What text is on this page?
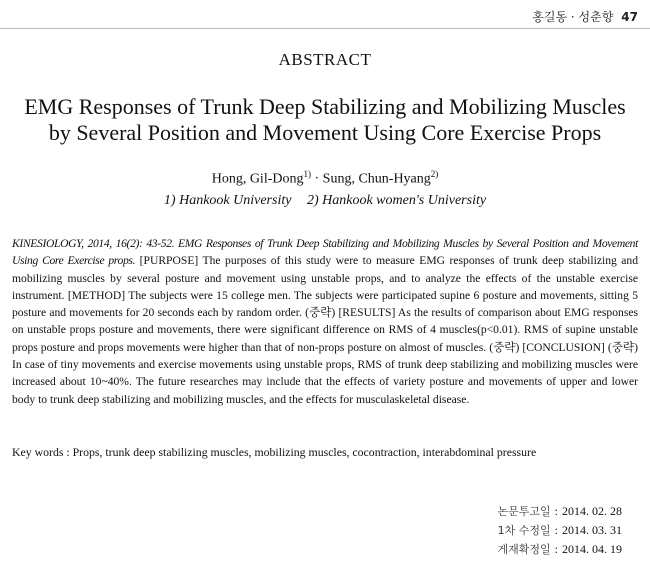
홍길동 · 성춘향 47
ABSTRACT
EMG Responses of Trunk Deep Stabilizing and Mobilizing Muscles
by Several Position and Movement Using Core Exercise Props
Hong, Gil-Dong$^{1)}$ · Sung, Chun-Hyang$^{2)}$
1) Hankook University 2) Hankook women's University
KINESIOLOGY, 2014, 16(2): 43-52. EMG Responses of Trunk Deep Stabilizing and Mobilizing Muscles by Several Position and Movement Using Core Exercise props. [PURPOSE] The purposes of this study were to measure EMG responses of trunk deep stabilizing and mobilizing muscles by several posture and movement using unstable props, and to analyze the effects of the unstable exercise instrument. [METHOD] The subjects were 15 college men. The subjects were participated supine 6 posture and movements, sitting 5 posture and movements for 20 seconds each by random order. (중략) [RESULTS] As the results of comparison about EMG responses on unstable props posture and movements, there were significant difference on RMS of 4 muscles(p<0.01). RMS of supine unstable props posture and props movements were higher than that of non-props posture on almost of muscles. (중략) [CONCLUSION] (중략) In case of tiny movements and exercise movements using unstable props, RMS of trunk deep stabilizing and mobilizing muscles were increased about 10~40%. The future researches may include that the effects of variety posture and movements of upper and lower body to trunk deep stabilizing and mobilizing muscles, and the effects for musculaskeletal disease.
Key words : Props, trunk deep stabilizing muscles, mobilizing muscles, cocontraction, interabdominal pressure
논문투고일 : 2014. 02. 28
1차 수정일 : 2014. 03. 31
게재확정일 : 2014. 04. 19
